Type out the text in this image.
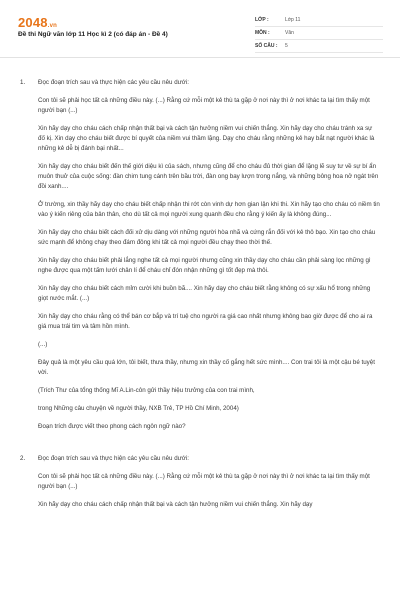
2048.vn
Đề thi Ngữ văn lớp 11 Học kì 2 (có đáp án - Đề 4)
LỚP :	Lớp 11
MÔN :	Văn
SỐ CÂU :	5
1.	Đọc đoạn trích sau và thực hiện các yêu cầu nêu dưới:

Con tôi sẽ phải học tất cả những điều này. (...) Rằng cứ mỗi một kẻ thù ta gặp ở nơi này thì ở nơi khác ta lại tìm thấy một người bạn (...)

Xin hãy dạy cho cháu cách chấp nhận thất bại và cách tận hưởng niềm vui chiến thắng. Xin hãy dạy cho cháu tránh xa sự đố kị. Xin dạy cho cháu biết được bí quyết của niềm vui thầm lặng. Dạy cho cháu rằng những kẻ hay bắt nạt người khác là những kẻ dễ bị đánh bại nhất...

Xin hãy dạy cho cháu biết đến thế giới diệu kì của sách, nhưng cũng để cho cháu đủ thời gian để lặng lẽ suy tư về sự bí ẩn muôn thuở của cuộc sống: đàn chim tung cánh trên bầu trời, đàn ong bay lượn trong nắng, và những bông hoa nở ngát trên đồi xanh....

Ở trường, xin thầy hãy dạy cho cháu biết chấp nhận thi rớt còn vinh dự hơn gian lận khi thi. Xin hãy tạo cho cháu có niềm tin vào ý kiến riêng của bản thân, cho dù tất cả mọi người xung quanh đều cho rằng ý kiến ấy là không đúng...

Xin hãy dạy cho cháu biết cách đối xử dịu dàng với những người hòa nhã và cứng rắn đối với kẻ thô bạo. Xin tạo cho cháu sức mạnh để không chạy theo đám đông khi tất cả mọi người đều chạy theo thời thế.

Xin hãy dạy cho cháu biết phải lắng nghe tất cả mọi người nhưng cũng xin thầy dạy cho cháu cần phải sàng lọc những gì nghe được qua một tấm lưới chân lí để cháu chỉ đón nhận những gì tốt đẹp mà thôi.

Xin hãy dạy cho cháu biết cách mỉm cười khi buồn bã.... Xin hãy dạy cho cháu biết rằng không có sự xấu hổ trong những giọt nước mắt. (...)

Xin hãy dạy cho cháu rằng có thể bán cơ bắp và trí tuệ cho người ra giá cao nhất nhưng không bao giờ được để cho ai ra giá mua trái tim và tâm hồn mình.

(...)

Đây quả là một yêu cầu quá lớn, tôi biết, thưa thầy, nhưng xin thầy cố gắng hết sức mình.... Con trai tôi là một cậu bé tuyệt vời.

(Trích Thư của tổng thống Mĩ A.Lin-côn gửi thầy hiệu trưởng của con trai mình,

trong Những câu chuyện về người thầy, NXB Trẻ, TP Hồ Chí Minh, 2004)

Đoạn trích được viết theo phong cách ngôn ngữ nào?

2.	Đọc đoạn trích sau và thực hiện các yêu cầu nêu dưới:

Con tôi sẽ phải học tất cả những điều này. (...) Rằng cứ mỗi một kẻ thù ta gặp ở nơi này thì ở nơi khác ta lại tìm thấy một người bạn (...)

Xin hãy dạy cho cháu cách chấp nhận thất bại và cách tận hưởng niềm vui chiến thắng. Xin hãy dạy
